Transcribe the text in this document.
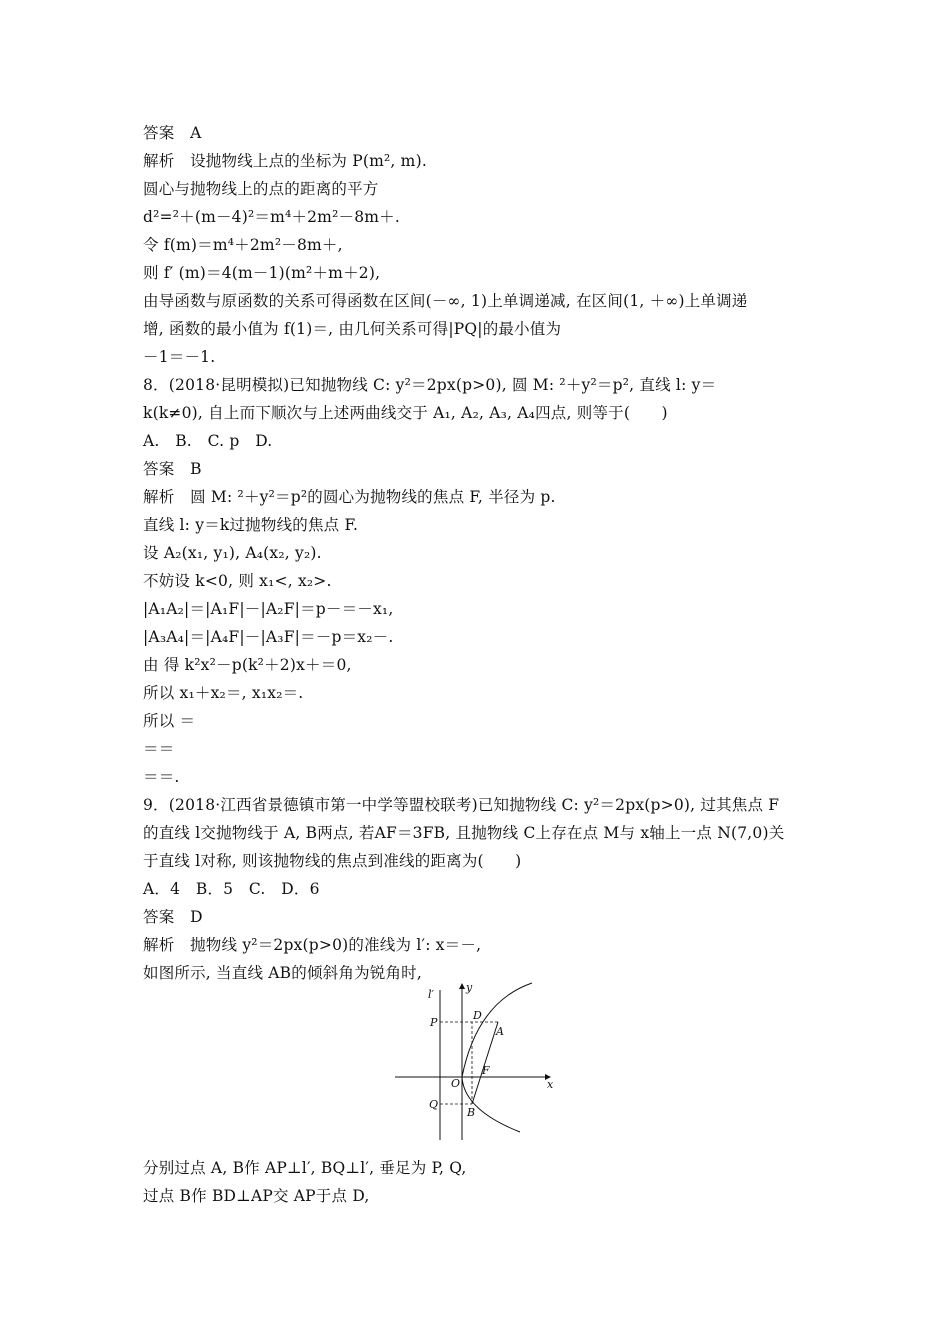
答案　A
解析　设抛物线上点的坐标为 P(m², m).
圆心与抛物线上的点的距离的平方
d²=²＋(m－4)²＝m⁴＋2m²－8m＋.
令 f(m)＝m⁴＋2m²－8m＋,
则 f′ (m)＝4(m－1)(m²＋m＋2),
由导函数与原函数的关系可得函数在区间(－∞, 1)上单调递减, 在区间(1, ＋∞)上单调递
增, 函数的最小值为 f(1)＝, 由几何关系可得|PQ|的最小值为
－1＝－1.
8．(2018·昆明模拟)已知抛物线 C: y²＝2px(p>0), 圆 M: ²＋y²＝p², 直线 l: y＝
k(k≠0), 自上而下顺次与上述两曲线交于 A₁, A₂, A₃, A₄四点, 则等于(　　)
A.　B.　C. p　D.
答案　B
解析　圆 M: ²＋y²＝p²的圆心为抛物线的焦点 F, 半径为 p.
直线 l: y＝k过抛物线的焦点 F.
设 A₂(x₁, y₁), A₄(x₂, y₂).
不妨设 k<0, 则 x₁<, x₂>.
|A₁A₂|＝|A₁F|－|A₂F|＝p－＝－x₁,
|A₃A₄|＝|A₄F|－|A₃F|＝－p＝x₂－.
由 得 k²x²－p(k²＋2)x＋＝0,
所以 x₁＋x₂＝, x₁x₂＝.
所以 ＝
＝＝
＝＝.
9．(2018·江西省景德镇市第一中学等盟校联考)已知抛物线 C: y²＝2px(p>0), 过其焦点 F
的直线 l交抛物线于 A, B两点, 若AF＝3FB, 且抛物线 C上存在点 M与 x轴上一点 N(7,0)关
于直线 l对称, 则该抛物线的焦点到准线的距离为(　　)
A．4　B．5　C.　D．6
答案　D
解析　抛物线 y²＝2px(p>0)的准线为 l′: x＝－,
如图所示, 当直线 AB的倾斜角为锐角时,
y
l′
P
D
A
O
F
x
Q
B
分别过点 A, B作 AP⊥l′, BQ⊥l′, 垂足为 P, Q,
过点 B作 BD⊥AP交 AP于点 D,
